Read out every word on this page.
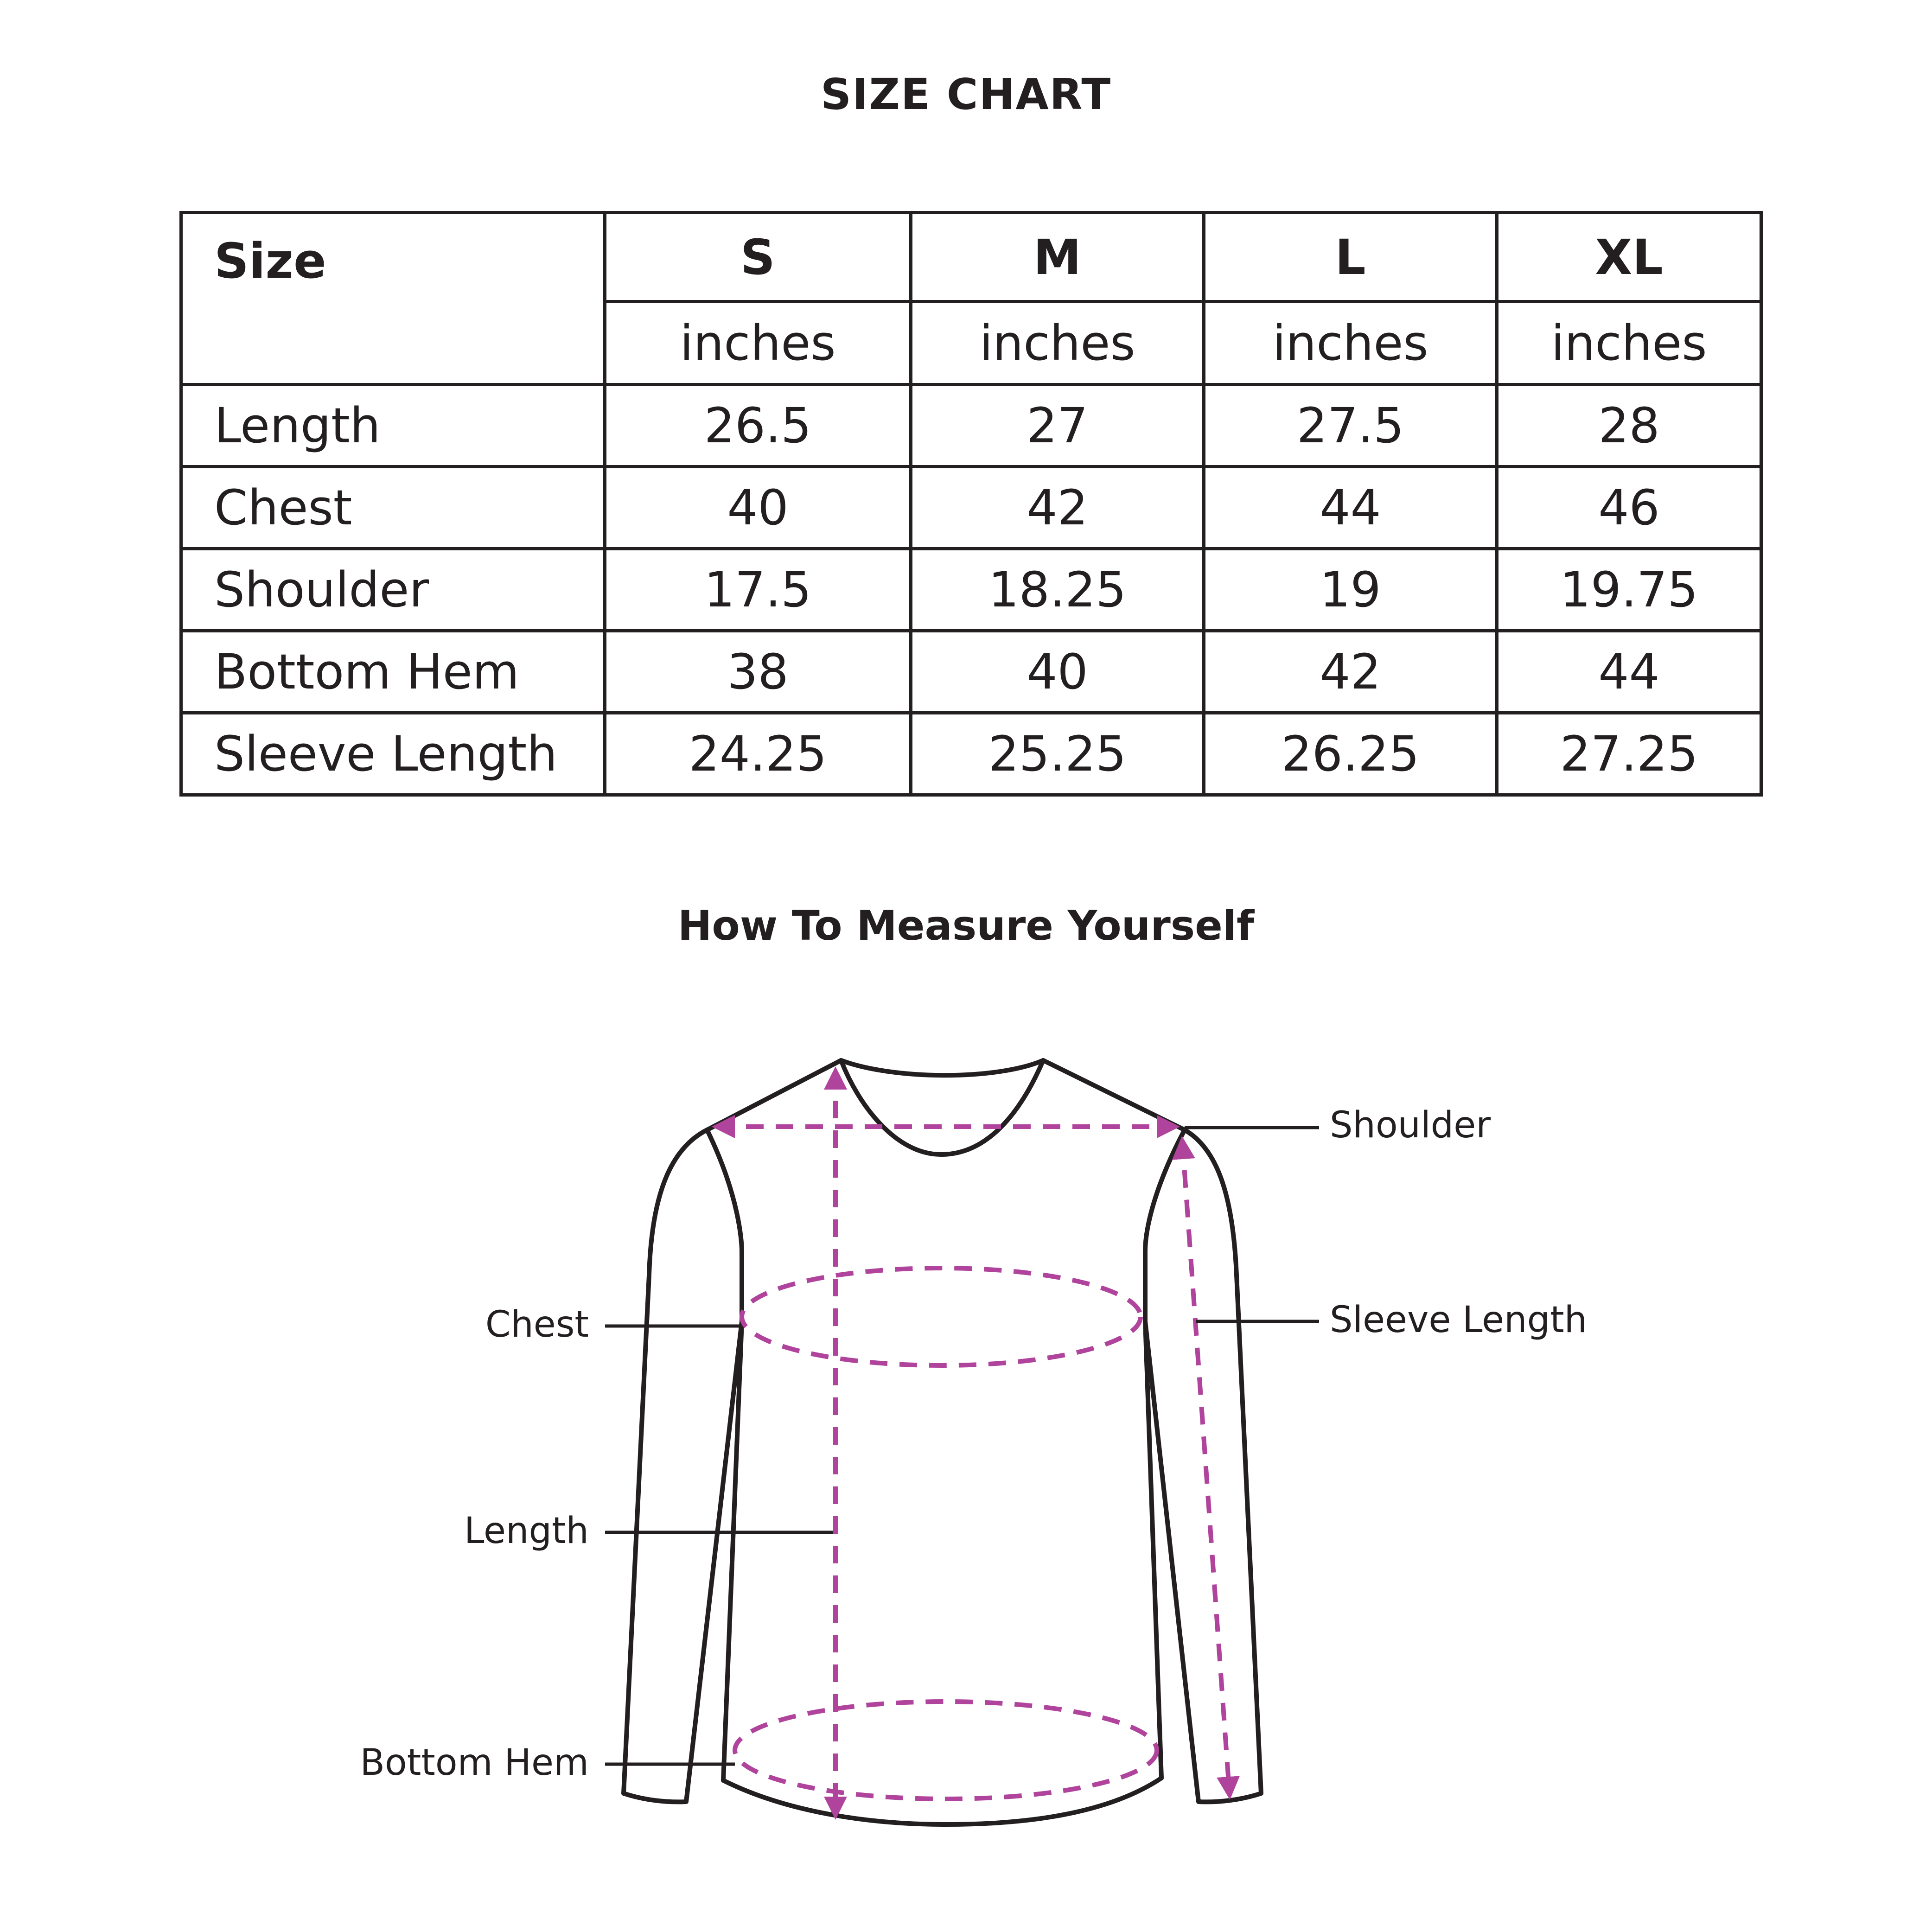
SIZE CHART
Size	S	M	L	XL
	inches	inches	inches	inches
Length	26.5	27	27.5	28
Chest	40	42	44	46
Shoulder	17.5	18.25	19	19.75
Bottom Hem	38	40	42	44
Sleeve Length	24.25	25.25	26.25	27.25
How To Measure Yourself
Shoulder
Sleeve Length
Chest
Length
Bottom Hem
